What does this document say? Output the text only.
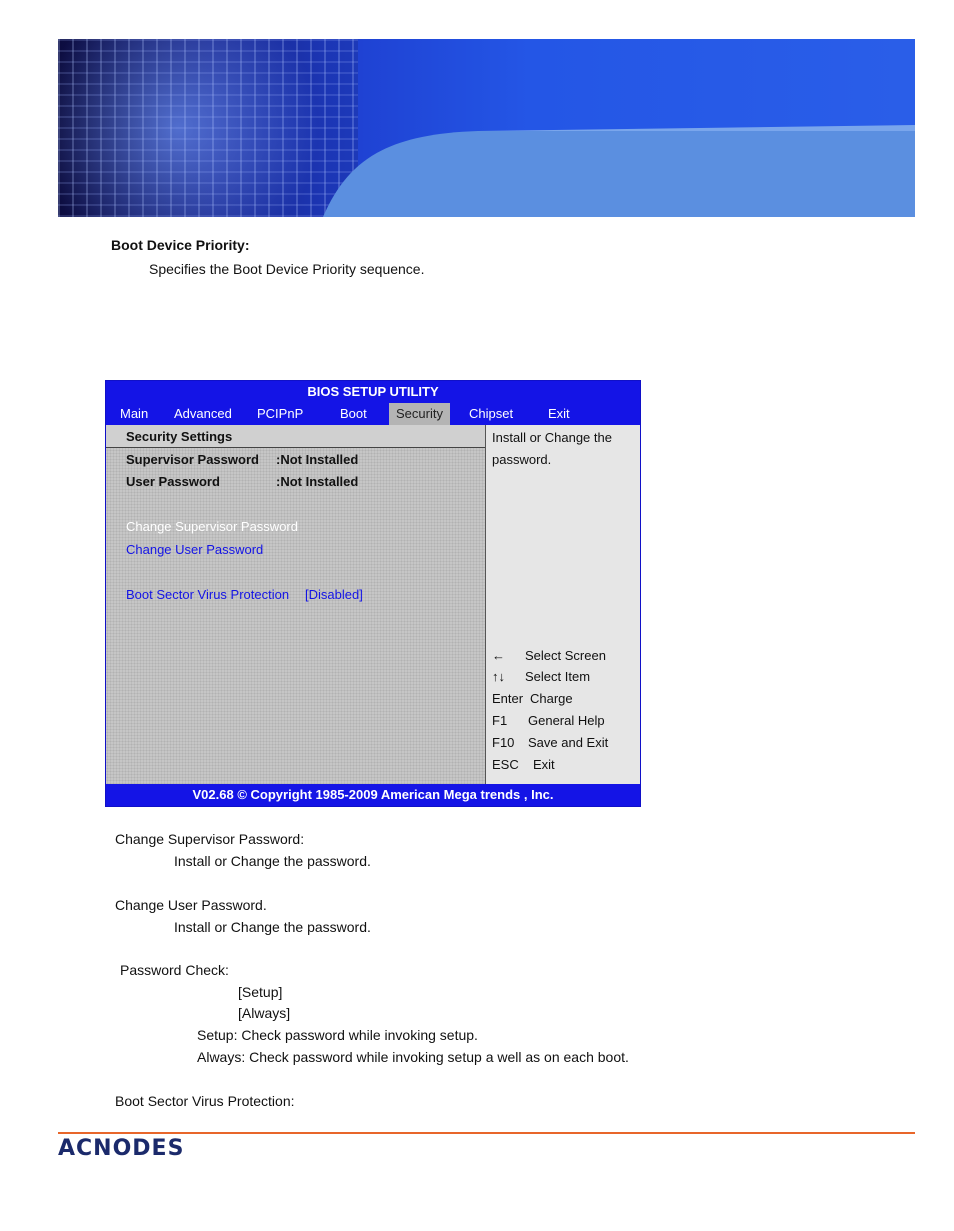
Boot Device Priority:
Specifies the Boot Device Priority sequence.
BIOS SETUP UTILITY
Main	Advanced	PCIPnP	Boot	Security	Chipset	Exit
Security Settings
Supervisor Password :Not Installed
User Password	:Not Installed
Change Supervisor Password
Change User Password
Boot Sector Virus Protection [Disabled]
Install or Change the
password.
← Select Screen
↑↓ Select Item
Enter Charge
F1 General Help
F10 Save and Exit
ESC Exit
V02.68 © Copyright 1985-2009 American Mega trends , Inc.
Change Supervisor Password:
Install or Change the password.
Change User Password.
Install or Change the password.
Password Check:
[Setup]
[Always]
Setup: Check password while invoking setup.
Always: Check password while invoking setup a well as on each boot.
Boot Sector Virus Protection:
ACNODES
